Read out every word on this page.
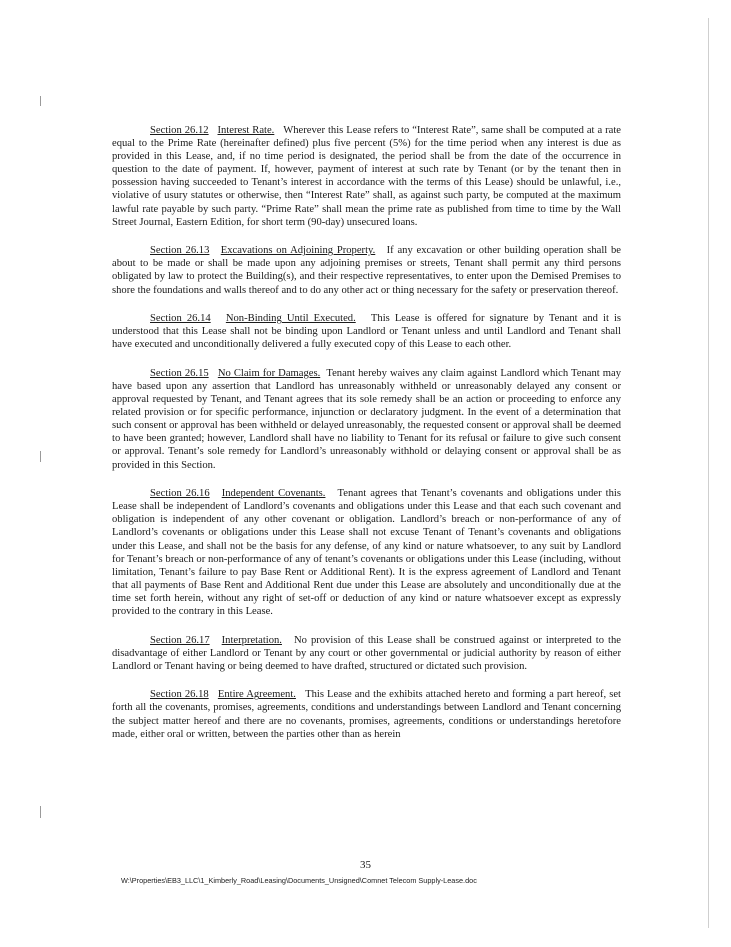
Section 26.12 Interest Rate. Wherever this Lease refers to “Interest Rate”, same shall be computed at a rate equal to the Prime Rate (hereinafter defined) plus five percent (5%) for the time period when any interest is due as provided in this Lease, and, if no time period is designated, the period shall be from the date of the occurrence in question to the date of payment. If, however, payment of interest at such rate by Tenant (or by the tenant then in possession having succeeded to Tenant’s interest in accordance with the terms of this Lease) should be unlawful, i.e., violative of usury statutes or otherwise, then “Interest Rate” shall, as against such party, be computed at the maximum lawful rate payable by such party. “Prime Rate” shall mean the prime rate as published from time to time by the Wall Street Journal, Eastern Edition, for short term (90-day) unsecured loans.

Section 26.13 Excavations on Adjoining Property. If any excavation or other building operation shall be about to be made or shall be made upon any adjoining premises or streets, Tenant shall permit any third persons obligated by law to protect the Building(s), and their respective representatives, to enter upon the Demised Premises to shore the foundations and walls thereof and to do any other act or thing necessary for the safety or preservation thereof.

Section 26.14 Non-Binding Until Executed. This Lease is offered for signature by Tenant and it is understood that this Lease shall not be binding upon Landlord or Tenant unless and until Landlord and Tenant shall have executed and unconditionally delivered a fully executed copy of this Lease to each other.

Section 26.15 No Claim for Damages. Tenant hereby waives any claim against Landlord which Tenant may have based upon any assertion that Landlord has unreasonably withheld or unreasonably delayed any consent or approval requested by Tenant, and Tenant agrees that its sole remedy shall be an action or proceeding to enforce any related provision or for specific performance, injunction or declaratory judgment. In the event of a determination that such consent or approval has been withheld or delayed unreasonably, the requested consent or approval shall be deemed to have been granted; however, Landlord shall have no liability to Tenant for its refusal or failure to give such consent or approval. Tenant’s sole remedy for Landlord’s unreasonably withhold or delaying consent or approval shall be as provided in this Section.

Section 26.16 Independent Covenants. Tenant agrees that Tenant’s covenants and obligations under this Lease shall be independent of Landlord’s covenants and obligations under this Lease and that each such covenant and obligation is independent of any other covenant or obligation. Landlord’s breach or non-performance of any of Landlord’s covenants or obligations under this Lease shall not excuse Tenant of Tenant’s covenants and obligations under this Lease, and shall not be the basis for any defense, of any kind or nature whatsoever, to any suit by Landlord for Tenant’s breach or non-performance of any of tenant’s covenants or obligations under this Lease (including, without limitation, Tenant’s failure to pay Base Rent or Additional Rent). It is the express agreement of Landlord and Tenant that all payments of Base Rent and Additional Rent due under this Lease are absolutely and unconditionally due at the time set forth herein, without any right of set-off or deduction of any kind or nature whatsoever except as expressly provided to the contrary in this Lease.

Section 26.17 Interpretation. No provision of this Lease shall be construed against or interpreted to the disadvantage of either Landlord or Tenant by any court or other governmental or judicial authority by reason of either Landlord or Tenant having or being deemed to have drafted, structured or dictated such provision.

Section 26.18 Entire Agreement. This Lease and the exhibits attached hereto and forming a part hereof, set forth all the covenants, promises, agreements, conditions and understandings between Landlord and Tenant concerning the subject matter hereof and there are no covenants, promises, agreements, conditions or understandings heretofore made, either oral or written, between the parties other than as herein

35
W:\Properties\EB3_LLC\1_Kimberly_Road\Leasing\Documents_Unsigned\Comnet Telecom Supply-Lease.doc
